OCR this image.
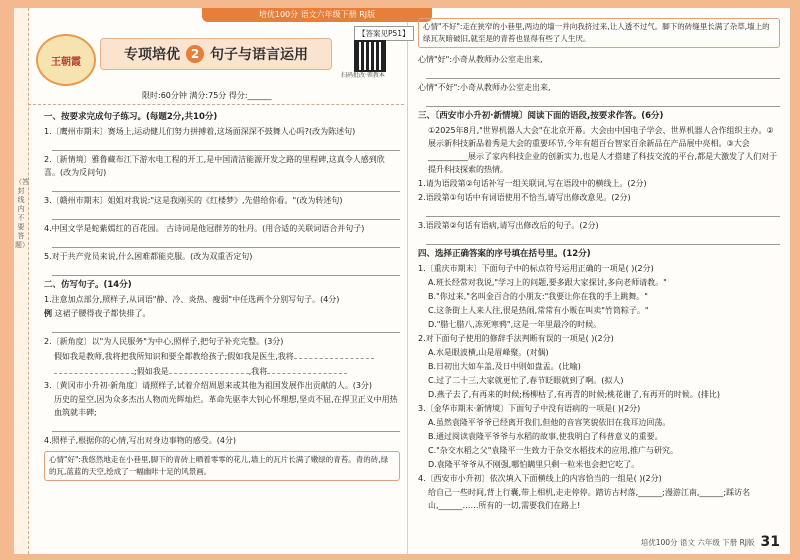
（答封线内不要答题）
培优100分 语文六年级下册 RJ版
【答案见P51】
王朝霞	专项培优 2 句子与语言运用
扫码批改·领教本
限时:60分钟 满分:75分 得分:______
一、按要求完成句子练习。(每题2分,共10分)
1.〔鹰州市期末〕赛场上,运动健儿们努力拼搏着,这场面深深不鼓舞人心吗?(改为陈述句)
2.〔新情境〕雅鲁藏布江下游水电工程的开工,是中国清洁能源开发之路的里程碑,这真令人感到欣喜。(改为反问句)
3.〔赣州市期末〕姐姐对我说:"这是我刚买的《红楼梦》,先借给你看。"(改为转述句)
4.中国文学是蛇紫嫣红的百花园。 古诗词是他冠群芳的牡丹。(用合适的关联词语合并句子)
5.对于共产党员来说,什么困难都能克服。(改为双重否定句)
二、仿写句子。(14分)
1.注意加点部分,照样子,从词语"静、冷、炎热、瘦弱"中任选两个分别写句子。(4分)
例 这裙子腰得夜子都快排了。
2.〔新角度〕以"为人民服务"为中心,照样子,把句子补充完整。(3分)
假如我是教师,我将把我所知识和要全都教给孩子;假如我是医生,我将
;假如我是	,我将
3.〔黄冈市小升初·新角度〕请照样子,试着介绍周恩来或其他为祖国发展作出贡献的人。(3分)
历史的星空,因为众多杰出人物而光辉灿烂。革命先驱李大钊心怀理想,坚贞不屈,在捍卫正义中用热血筑就丰碑;
4.照样子,根据你的心情,写出对身边事物的感受。(4分)
心情"好":我悠然地走在小巷里,脚下的青砖上晒着零零的花儿,墙上的瓦片长满了嫩绿的青苔。青的砖,绿的瓦,蓝蓝的天空,绘成了一幅幽咔十足的风景画。
心情"不好":走在狭窄的小巷里,两边的墙一并向我挤过来,让人透不过气。脚下的砖缝里长满了杂草,墙上的绿瓦灰暗破旧,就至是的青苔也显得有些了人生厌。
心情"好":小奇从教师办公室走出来,
心情"不好":小奇从教师办公室走出来,
三、〔西安市小升初·新情境〕阅读下面的语段,按要求作答。(6分)
①2025年8月,"世界机器人大会"在北京开幕。大会由中国电子学会、世界机器人合作组织主办。②展示新科技新品着秀是大会的重要环节,今年有超百台智家百余新品在产品展中亮相。③大会__________展示了家内科技企业的创新实力,也是人才搭建了科技交流的平台,都是大激发了人们对于提升科技探索的热情。
1.请为语段第②句话补写一组关联词,写在语段中的横线上。(2分)
2.语段第①句话中有词语使用不恰当,请写出修改意见。(2分)
3.语段第②句话有语病,请写出修改后的句子。(2分)
四、选择正确答案的序号填在括号里。(12分)
1.〔重庆市期末〕下面句子中的标点符号运用正确的一项是( )(2分)
A.班长经常对我说,"学习上的问题,要多跟大家探讨,多向老师请教。"
B."你过来,"名叫金百合的小朋友:"我要让你在我的手上跳舞。"
C.这条街上人来人往,很是热闹,常常有小贩在叫卖"竹筒粽子。"
D."腊七腊八,冻死寒鸦",这是一年里最冷的时候。
2.对下面句子使用的修辞手法判断有误的一项是( )(2分)
A.水是眼波横,山是眉峰聚。(对偶)
B.日初出大如车盖,及日中则如盘盂。(比喻)
C.过了二十三,大家就更忙了,春节眨眼就到了啊。(拟人)
D.燕子去了,有再来的时候;杨柳枯了,有再青的时候;桃花谢了,有再开的时候。(排比)
3.〔金华市期末·新情境〕下面句子中没有语病的一项是( )(2分)
A.虽然袁隆平爷爷已经离开我们,但他的音容笑貌依旧在我耳边回荡。
B.通过阅读袁隆平爷爷与水稻的故事,使我明白了科普意义的重要。
C."杂交水稻之父"袁隆平一生致力于杂交水稻技术的应用,推广与研究。
D.袁隆平爷爷从不刚强,哪怕瞒里只剩一粒米也会把它吃了。
4.〔西安市小升初〕依次填入下面横线上的内容恰当的一组是( )(2分)
给自己一些时间,背上行囊,带上相机,走走停停。踏访古村落,______;漫游江南,______;踩访名山,______……所有的一切,需要我们在路上!
培优100分 语文 六年级 下册 RJ版 31
